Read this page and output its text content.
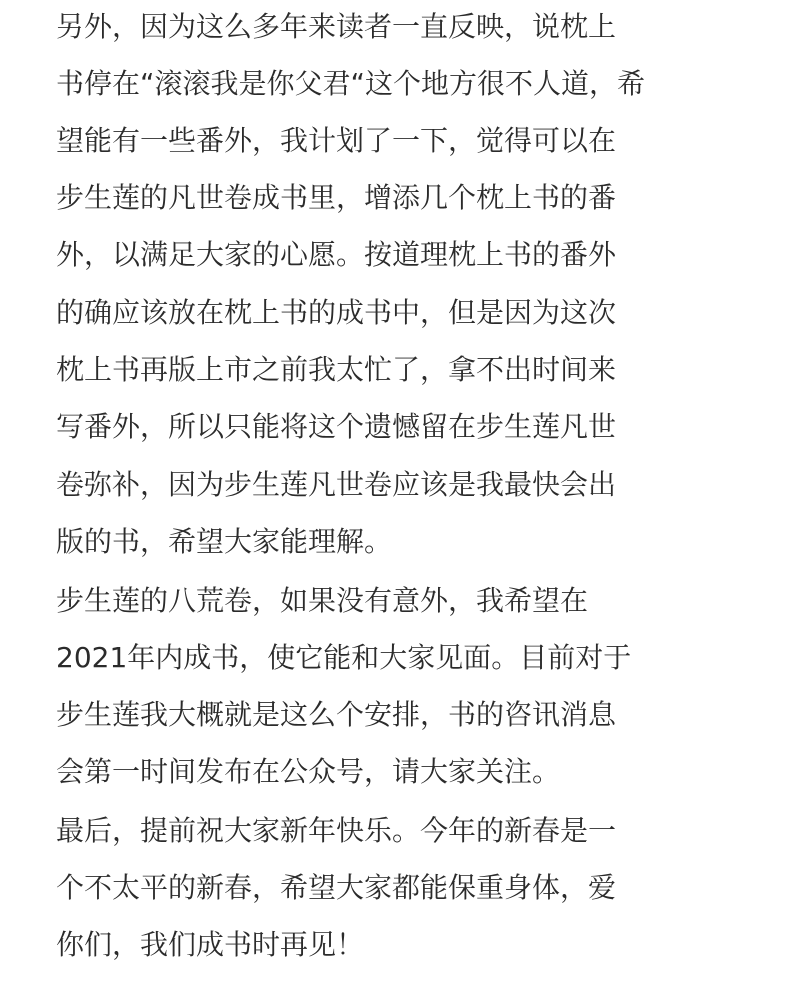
另外，因为这么多年来读者一直反映，说枕上

书停在“滚滚我是你父君“这个地方很不人道，希

望能有一些番外，我计划了一下，觉得可以在

步生莲的凡世卷成书里，增添几个枕上书的番

外，以满足大家的心愿。按道理枕上书的番外

的确应该放在枕上书的成书中，但是因为这次

枕上书再版上市之前我太忙了，拿不出时间来

写番外，所以只能将这个遗憾留在步生莲凡世

卷弥补，因为步生莲凡世卷应该是我最快会出

版的书，希望大家能理解。

步生莲的八荒卷，如果没有意外，我希望在

2021年内成书，使它能和大家见面。目前对于

步生莲我大概就是这么个安排，书的咨讯消息

会第一时间发布在公众号，请大家关注。

最后，提前祝大家新年快乐。今年的新春是一

个不太平的新春，希望大家都能保重身体，爱

你们，我们成书时再见！
